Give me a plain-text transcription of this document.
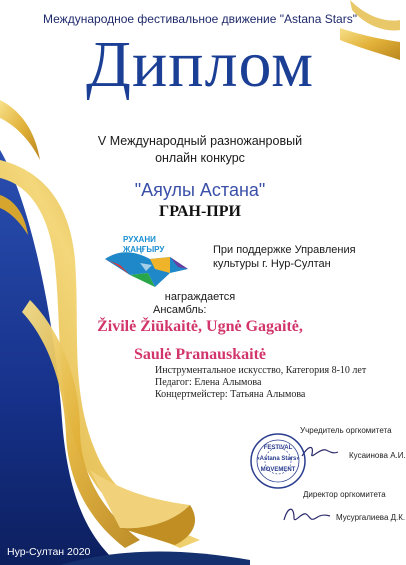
Международное фестивальное движение "Astana Stars"
Диплом
V Международный разножанровый
онлайн конкурс
"Аяулы Астана"
ГРАН-ПРИ
РУХАНИ
ЖАҢҒЫРУ	При поддержке Управления
культуры г. Нур-Султан
награждается
Ансамбль:
Živilė Žiūkaitė, Ugnė Gagaitė,
Saulė Pranauskaitė
Инструментальное искусство, Категория 8-10 лет
Педагог: Елена Алымова
Концертмейстер: Татьяна Алымова
Учредитель оргкомитета
Кусаинова А.И.
FESTIVAL
«Astana Stars»
MOVEMENT
Директор оргкомитета
Мусургалиева Д.К.
Нур-Султан 2020
